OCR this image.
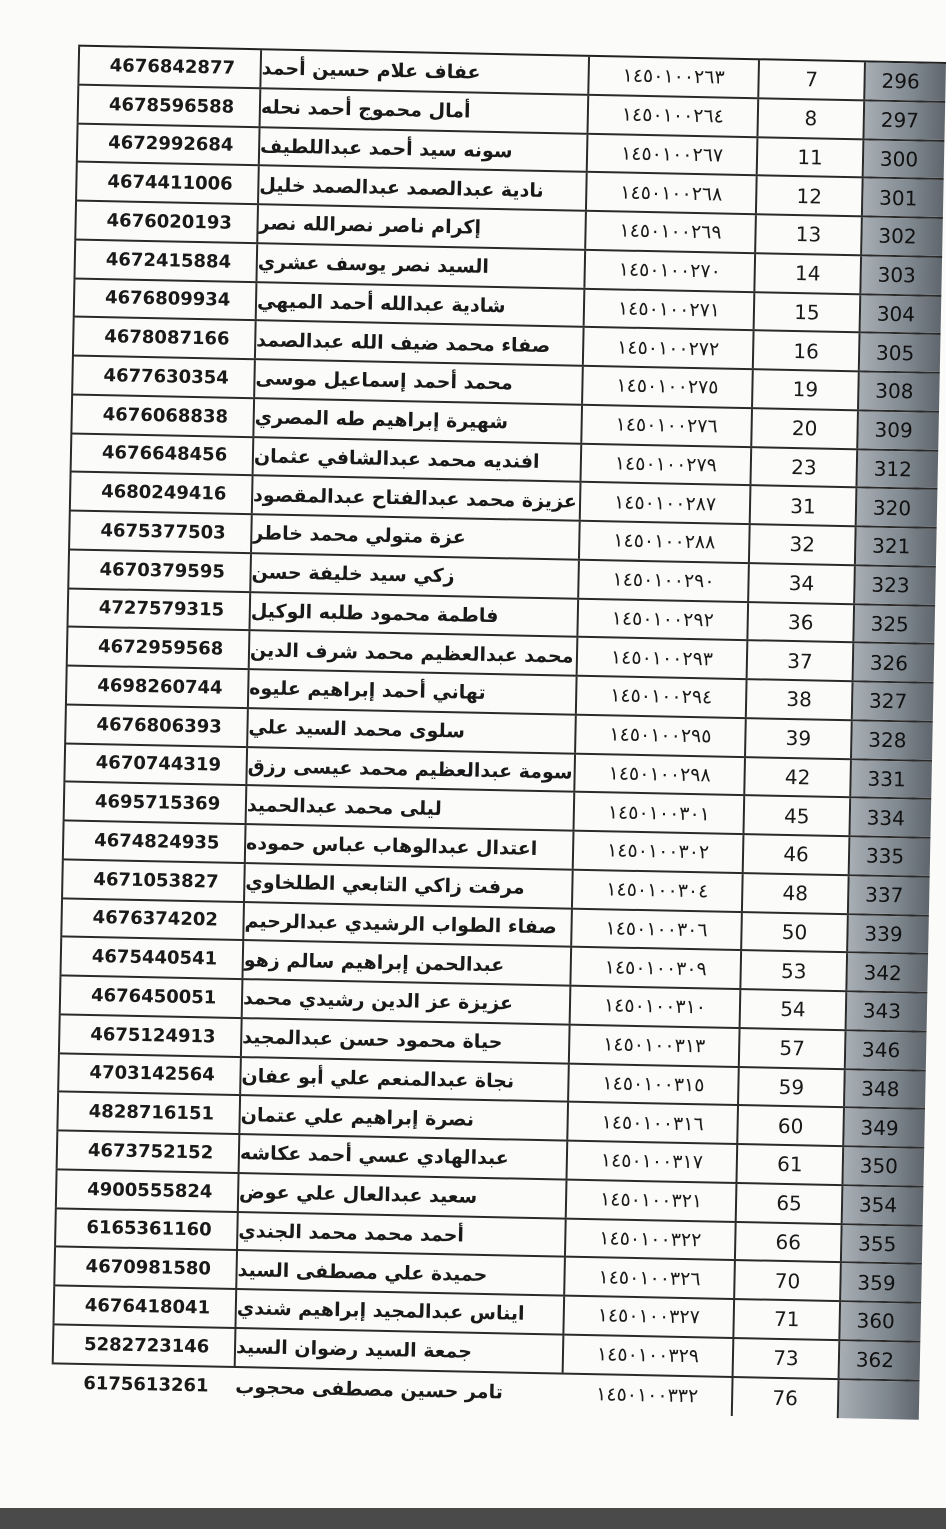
4676842877	عفاف علام حسين أحمد	١٤٥٠١٠٠٢٦٣	7	296
4678596588	أمال محموج أحمد نحله	١٤٥٠١٠٠٢٦٤	8	297
4672992684	سونه سيد أحمد عبداللطيف	١٤٥٠١٠٠٢٦٧	11	300
4674411006	نادية عبدالصمد عبدالصمد خليل	١٤٥٠١٠٠٢٦٨	12	301
4676020193	إكرام ناصر نصرالله نصر	١٤٥٠١٠٠٢٦٩	13	302
4672415884	السيد نصر يوسف عشري	١٤٥٠١٠٠٢٧٠	14	303
4676809934	شادية عبدالله أحمد الميهي	١٤٥٠١٠٠٢٧١	15	304
4678087166	صفاء محمد ضيف الله عبدالصمد	١٤٥٠١٠٠٢٧٢	16	305
4677630354	محمد أحمد إسماعيل موسى	١٤٥٠١٠٠٢٧٥	19	308
4676068838	شهيرة إبراهيم طه المصري	١٤٥٠١٠٠٢٧٦	20	309
4676648456	افنديه محمد عبدالشافي عثمان	١٤٥٠١٠٠٢٧٩	23	312
4680249416	عزيزة محمد عبدالفتاح عبدالمقصود	١٤٥٠١٠٠٢٨٧	31	320
4675377503	عزة متولي محمد خاطر	١٤٥٠١٠٠٢٨٨	32	321
4670379595	زكي سيد خليفة حسن	١٤٥٠١٠٠٢٩٠	34	323
4727579315	فاطمة محمود طلبه الوكيل	١٤٥٠١٠٠٢٩٢	36	325
4672959568	محمد عبدالعظيم محمد شرف الدين	١٤٥٠١٠٠٢٩٣	37	326
4698260744	تهاني أحمد إبراهيم عليوه	١٤٥٠١٠٠٢٩٤	38	327
4676806393	سلوى محمد السيد علي	١٤٥٠١٠٠٢٩٥	39	328
4670744319	سومة عبدالعظيم محمد عيسى رزق	١٤٥٠١٠٠٢٩٨	42	331
4695715369	ليلى محمد عبدالحميد	١٤٥٠١٠٠٣٠١	45	334
4674824935	اعتدال عبدالوهاب عباس حموده	١٤٥٠١٠٠٣٠٢	46	335
4671053827	مرفت زاكي التابعي الطلخاوي	١٤٥٠١٠٠٣٠٤	48	337
4676374202	صفاء الطواب الرشيدي عبدالرحيم	١٤٥٠١٠٠٣٠٦	50	339
4675440541	عبدالحمن إبراهيم سالم زهو	١٤٥٠١٠٠٣٠٩	53	342
4676450051	عزيزة عز الدين رشيدي محمد	١٤٥٠١٠٠٣١٠	54	343
4675124913	حياة محمود حسن عبدالمجيد	١٤٥٠١٠٠٣١٣	57	346
4703142564	نجاة عبدالمنعم علي أبو عفان	١٤٥٠١٠٠٣١٥	59	348
4828716151	نصرة إبراهيم علي عتمان	١٤٥٠١٠٠٣١٦	60	349
4673752152	عبدالهادي عسي أحمد عكاشه	١٤٥٠١٠٠٣١٧	61	350
4900555824	سعيد عبدالعال علي عوض	١٤٥٠١٠٠٣٢١	65	354
6165361160	أحمد محمد محمد الجندي	١٤٥٠١٠٠٣٢٢	66	355
4670981580	حميدة علي مصطفى السيد	١٤٥٠١٠٠٣٢٦	70	359
4676418041	ايناس عبدالمجيد إبراهيم شندي	١٤٥٠١٠٠٣٢٧	71	360
5282723146	جمعة السيد رضوان السيد	١٤٥٠١٠٠٣٢٩	73	362
6175613261	تامر حسين مصطفى محجوب	١٤٥٠١٠٠٣٣٢	76
